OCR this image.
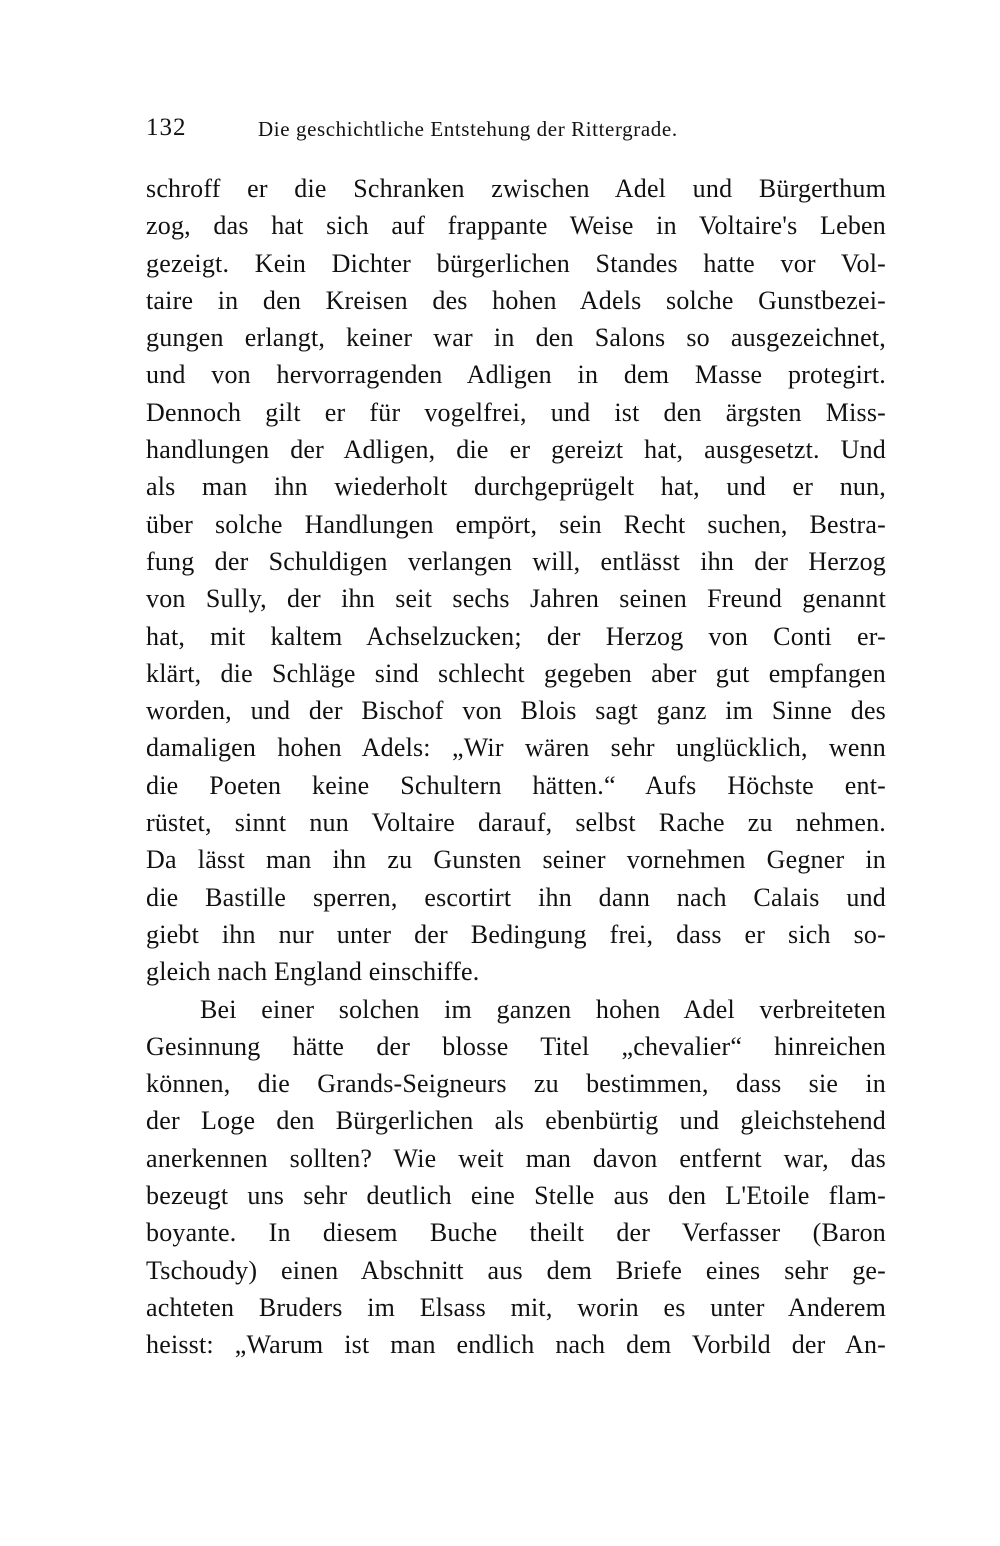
132	Die geschichtliche Entstehung der Rittergrade.
schroff er die Schranken zwischen Adel und Bürgerthum
zog, das hat sich auf frappante Weise in Voltaire's Leben
gezeigt. Kein Dichter bürgerlichen Standes hatte vor Vol-
taire in den Kreisen des hohen Adels solche Gunstbezei-
gungen erlangt, keiner war in den Salons so ausgezeichnet,
und von hervorragenden Adligen in dem Masse protegirt.
Dennoch gilt er für vogelfrei, und ist den ärgsten Miss-
handlungen der Adligen, die er gereizt hat, ausgesetzt. Und
als man ihn wiederholt durchgeprügelt hat, und er nun,
über solche Handlungen empört, sein Recht suchen, Bestra-
fung der Schuldigen verlangen will, entlässt ihn der Herzog
von Sully, der ihn seit sechs Jahren seinen Freund genannt
hat, mit kaltem Achselzucken; der Herzog von Conti er-
klärt, die Schläge sind schlecht gegeben aber gut empfangen
worden, und der Bischof von Blois sagt ganz im Sinne des
damaligen hohen Adels: „Wir wären sehr unglücklich, wenn
die Poeten keine Schultern hätten.“ Aufs Höchste ent-
rüstet, sinnt nun Voltaire darauf, selbst Rache zu nehmen.
Da lässt man ihn zu Gunsten seiner vornehmen Gegner in
die Bastille sperren, escortirt ihn dann nach Calais und
giebt ihn nur unter der Bedingung frei, dass er sich so-
gleich nach England einschiffe.
Bei einer solchen im ganzen hohen Adel verbreiteten
Gesinnung hätte der blosse Titel „chevalier“ hinreichen
können, die Grands-Seigneurs zu bestimmen, dass sie in
der Loge den Bürgerlichen als ebenbürtig und gleichstehend
anerkennen sollten? Wie weit man davon entfernt war, das
bezeugt uns sehr deutlich eine Stelle aus den L'Etoile flam-
boyante. In diesem Buche theilt der Verfasser (Baron
Tschoudy) einen Abschnitt aus dem Briefe eines sehr ge-
achteten Bruders im Elsass mit, worin es unter Anderem
heisst: „Warum ist man endlich nach dem Vorbild der An-
